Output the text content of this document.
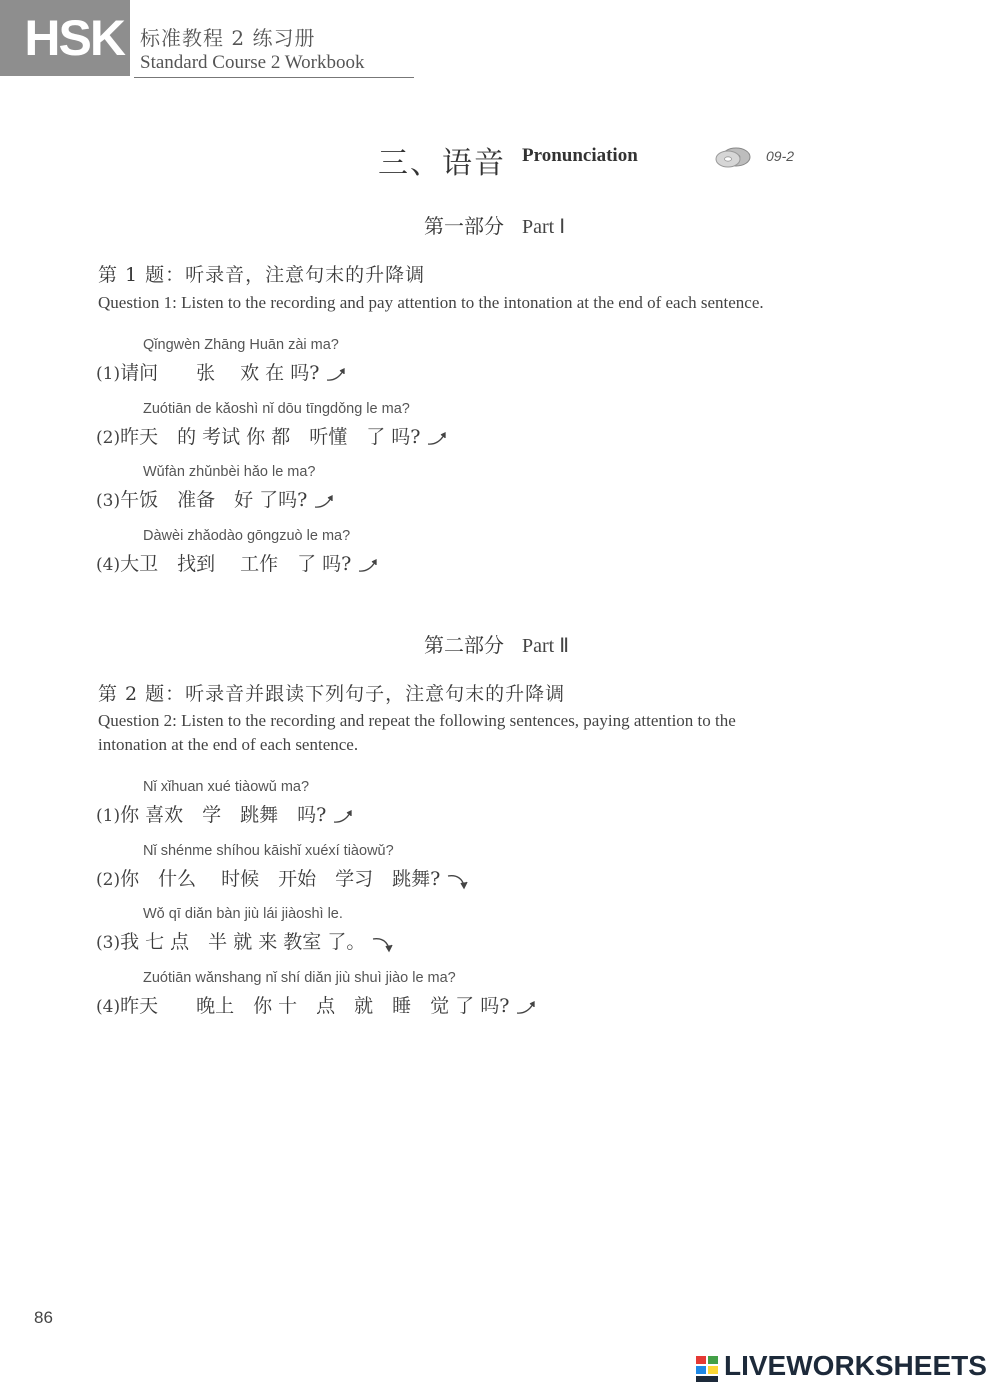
HSK 标准教程 2 练习册
Standard Course 2 Workbook
三、语音 Pronunciation	09-2
第一部分 Part Ⅰ
第 1 题：听录音，注意句末的升降调
Question 1: Listen to the recording and pay attention to the intonation at the end of each sentence.
Qǐngwèn Zhāng Huān zài ma?
(1)请问　　张　 欢 在 吗?
Zuótiān de kǎoshì nǐ dōu tīngdǒng le ma?
(2)昨天　的 考试 你 都　听懂　了 吗?
Wǔfàn zhǔnbèi hǎo le ma?
(3)午饭　准备　好 了吗?
Dàwèi zhǎodào gōngzuò le ma?
(4)大卫　找到　 工作　了 吗?
第二部分 Part Ⅱ
第 2 题：听录音并跟读下列句子，注意句末的升降调
Question 2: Listen to the recording and repeat the following sentences, paying attention to the
intonation at the end of each sentence.
Nǐ xǐhuan xué tiàowǔ ma?
(1)你 喜欢　学　跳舞　吗?
Nǐ shénme shíhou kāishǐ xuéxí tiàowǔ?
(2)你　什么　 时候　开始　学习　跳舞?
Wǒ qī diǎn bàn jiù lái jiàoshì le.
(3)我 七 点　半 就 来 教室 了。
Zuótiān wǎnshang nǐ shí diǎn jiù shuì jiào le ma?
(4)昨天　　晚上　你 十　点　就　睡　觉 了 吗?
86
LIVEWORKSHEETS
